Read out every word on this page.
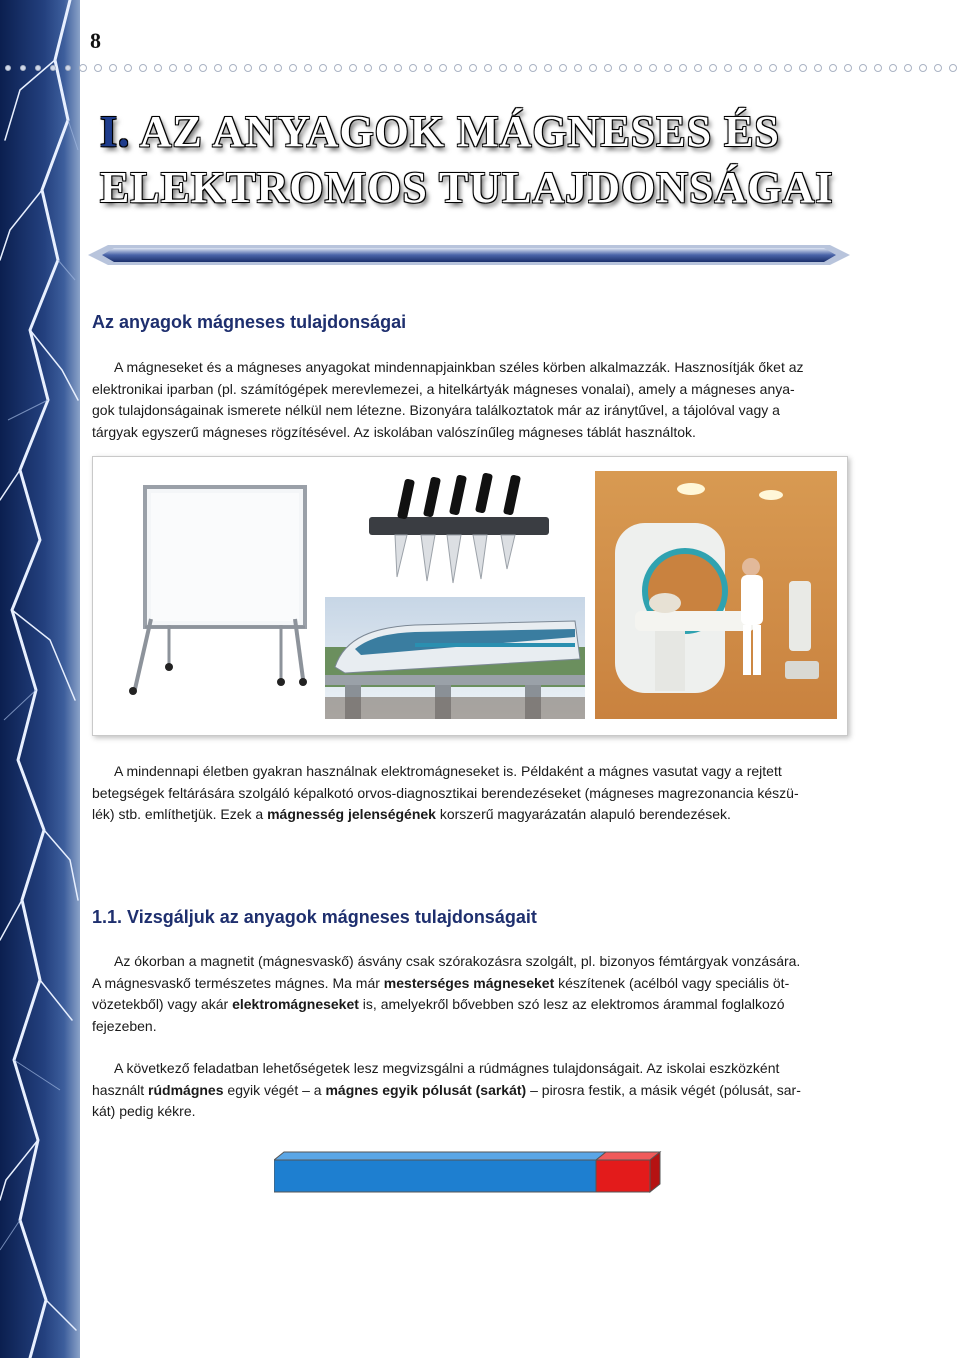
8
I. AZ ANYAGOK MÁGNESES ÉS
ELEKTROMOS TULAJDONSÁGAI
Az anyagok mágneses tulajdonságai
A mágneseket és a mágneses anyagokat mindennapjainkban széles körben alkalmazzák. Hasznosítják őket az
elektronikai iparban (pl. számítógépek merevlemezei, a hitelkártyák mágneses vonalai), amely a mágneses anya-
gok tulajdonságainak ismerete nélkül nem létezne. Bizonyára találkoztatok már az iránytűvel, a tájolóval vagy a
tárgyak egyszerű mágneses rögzítésével. Az iskolában valószínűleg mágneses táblát használtok.
A mindennapi életben gyakran használnak elektromágneseket is. Példaként a mágnes vasutat vagy a rejtett
betegségek feltárására szolgáló képalkotó orvos-diagnosztikai berendezéseket (mágneses magrezonancia készü-
lék) stb. említhetjük. Ezek a mágnesség jelenségének korszerű magyarázatán alapuló berendezések.
1.1. Vizsgáljuk az anyagok mágneses tulajdonságait
Az ókorban a magnetit (mágnesvaskő) ásvány csak szórakozásra szolgált, pl. bizonyos fémtárgyak vonzására.
A mágnesvaskő természetes mágnes. Ma már mesterséges mágneseket készítenek (acélból vagy speciális öt-
vözetekből) vagy akár elektromágneseket is, amelyekről bővebben szó lesz az elektromos árammal foglalkozó
fejezeben.
A következő feladatban lehetőségetek lesz megvizsgálni a rúdmágnes tulajdonságait. Az iskolai eszközként
használt rúdmágnes egyik végét – a mágnes egyik pólusát (sarkát) – pirosra festik, a másik végét (pólusát, sar-
kát) pedig kékre.
